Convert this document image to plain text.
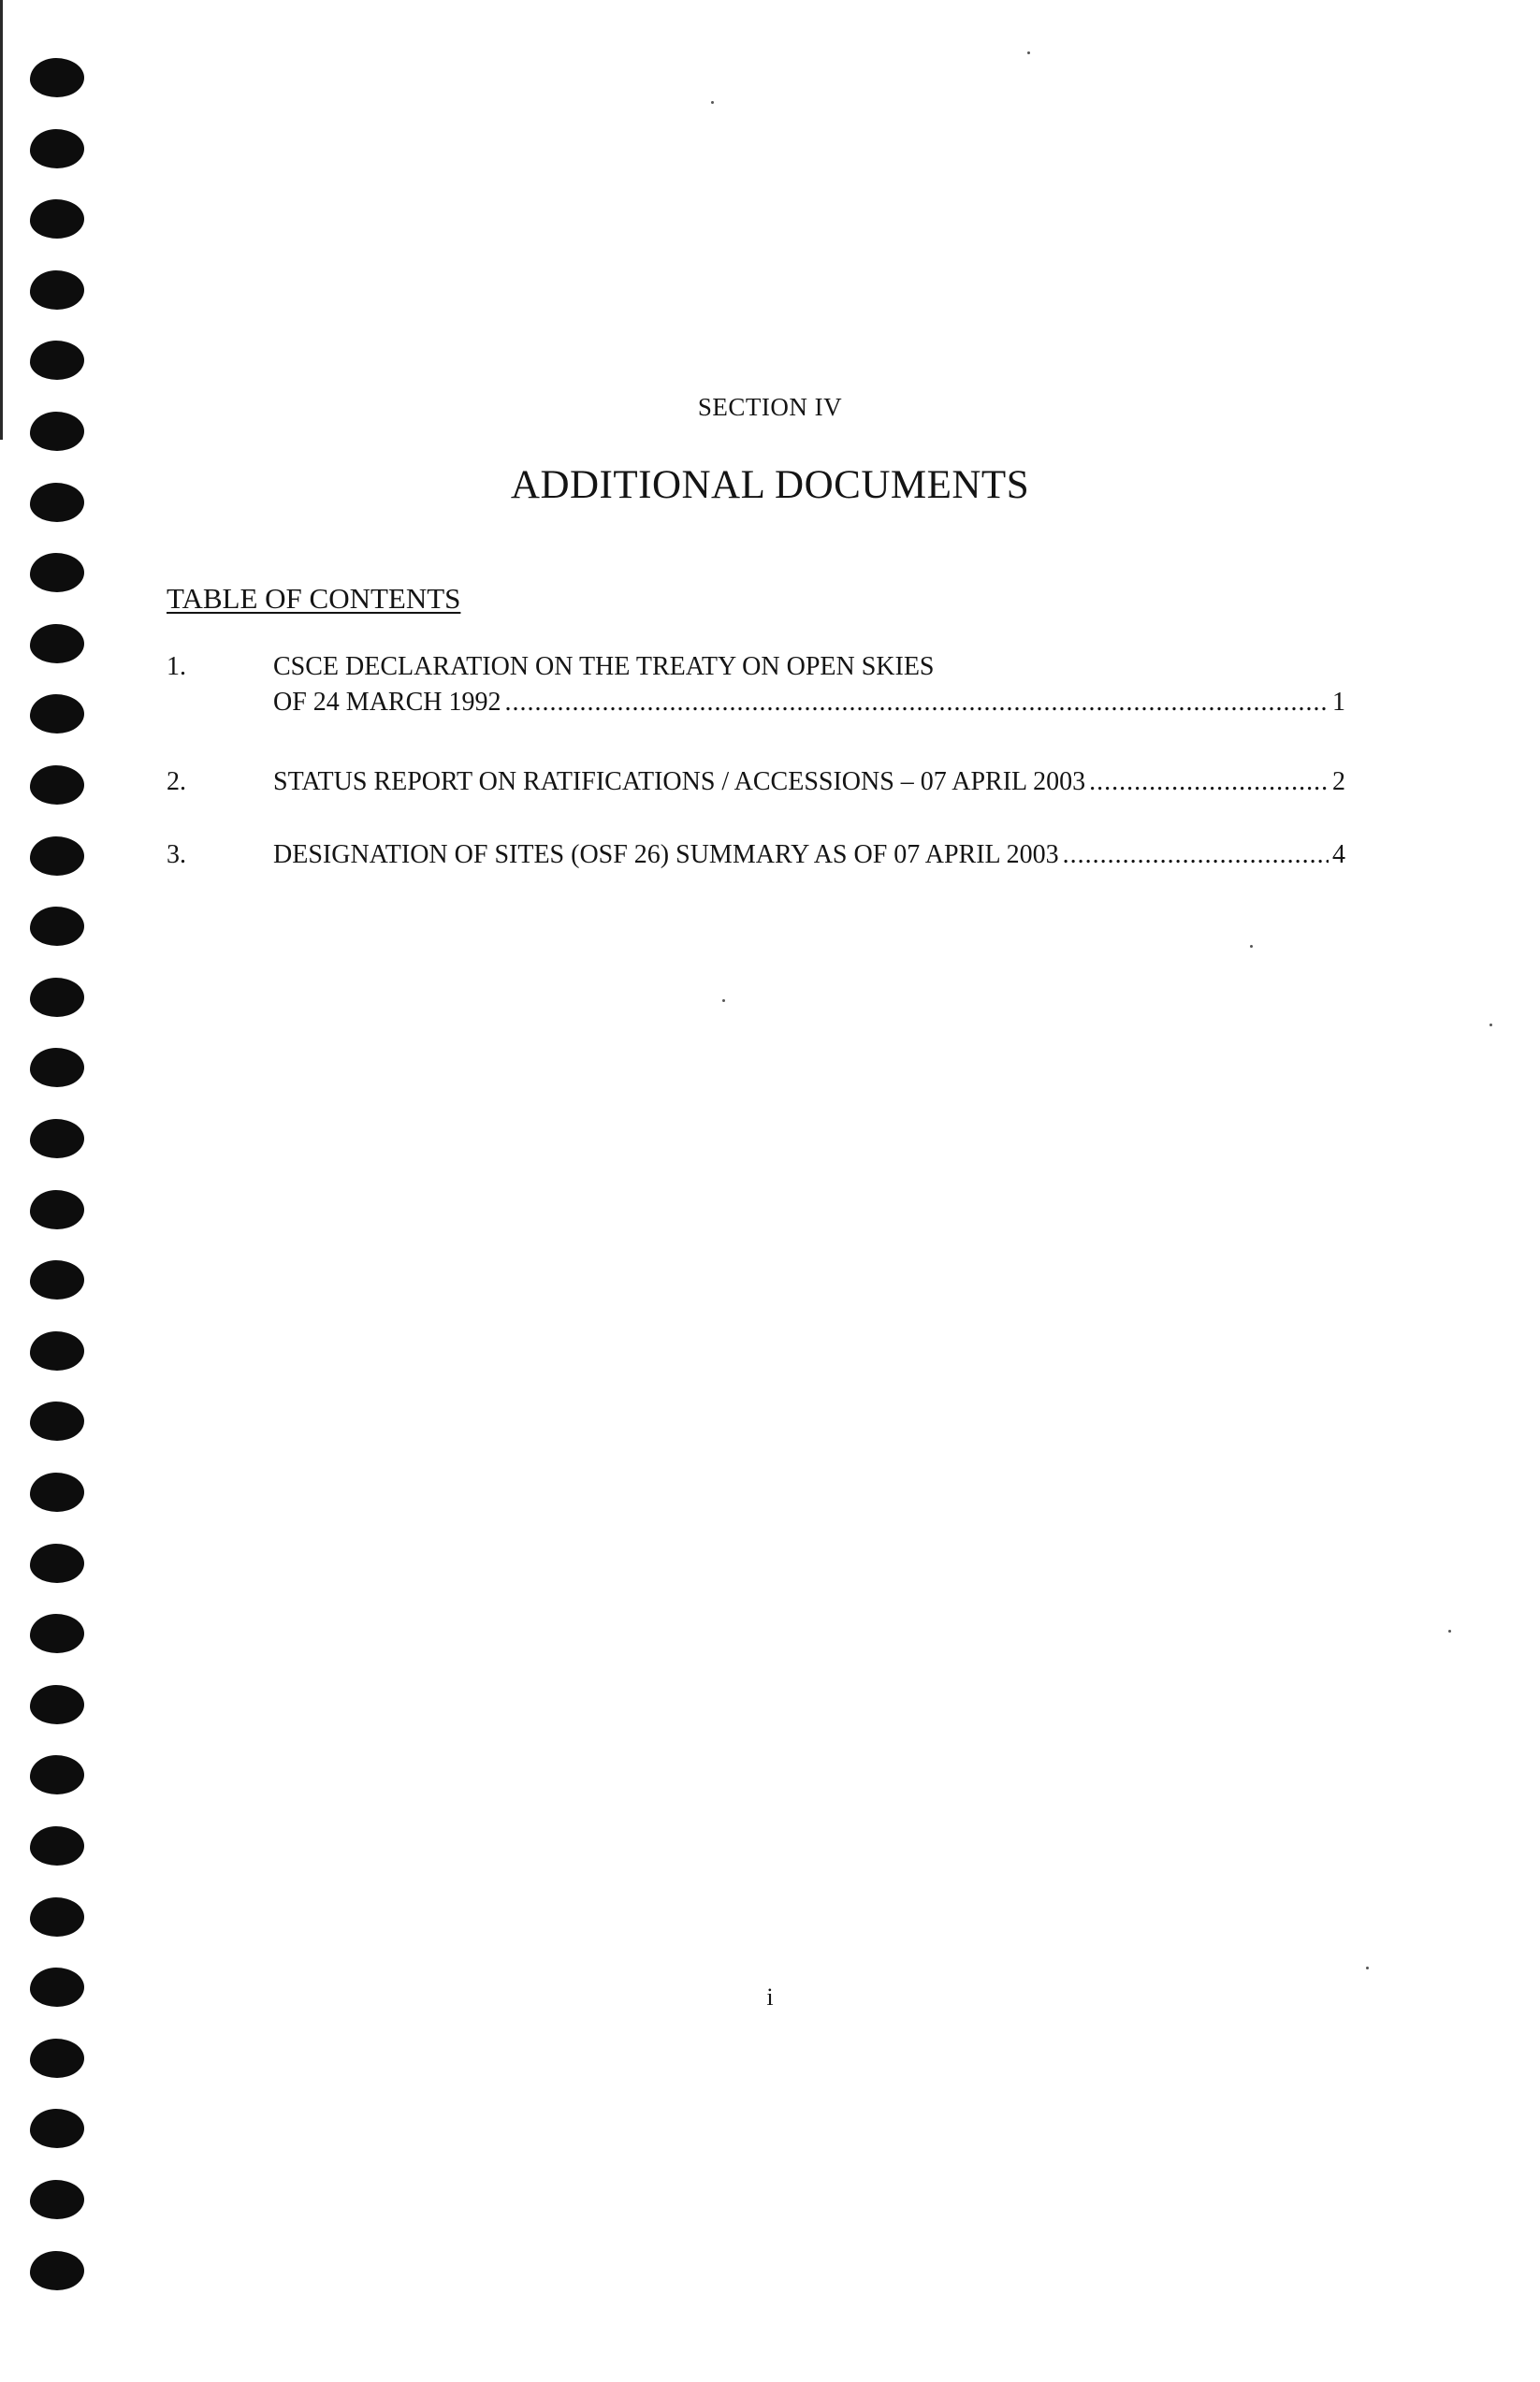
SECTION IV
ADDITIONAL DOCUMENTS
TABLE OF CONTENTS
1.	CSCE DECLARATION ON THE TREATY ON OPEN SKIES
OF 24 MARCH 1992 .....	1
2.	STATUS REPORT ON RATIFICATIONS / ACCESSIONS – 07 APRIL 2003 .....	2
3.	DESIGNATION OF SITES (OSF 26) SUMMARY AS OF 07 APRIL 2003 .....	4
i
